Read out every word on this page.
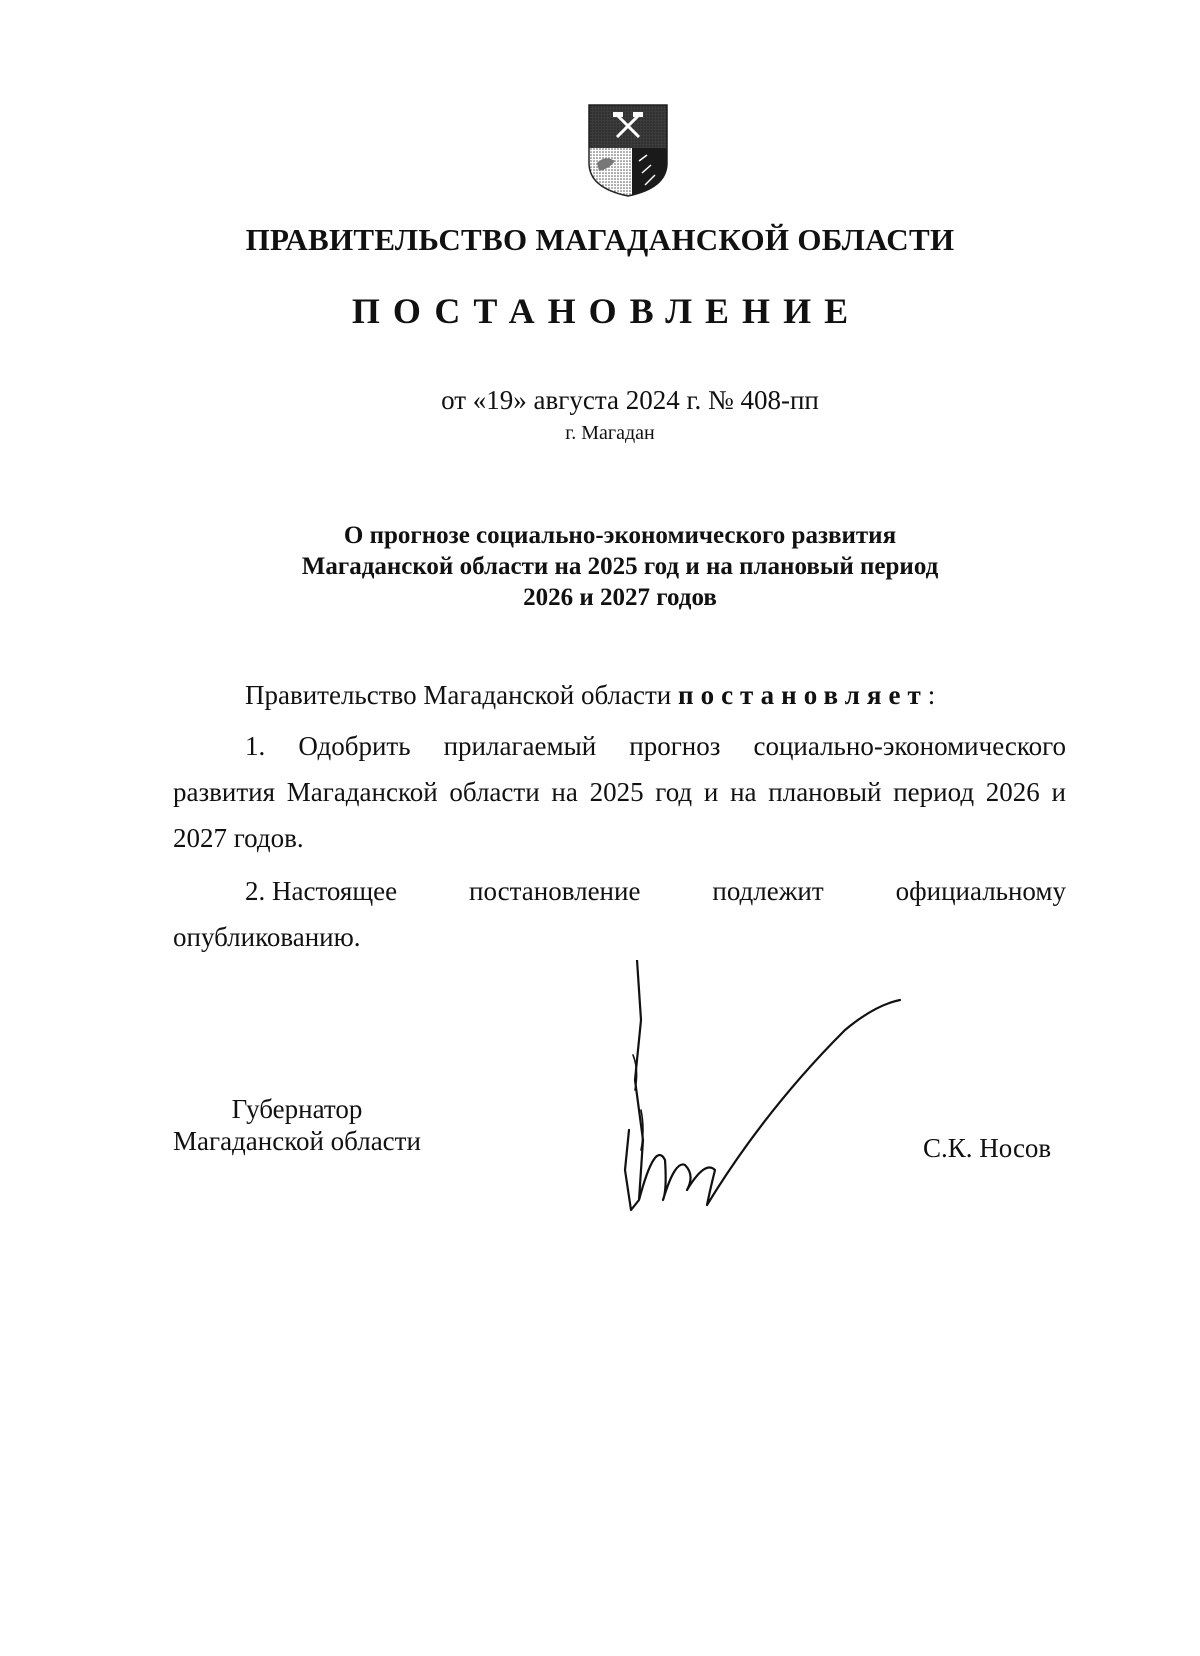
ПРАВИТЕЛЬСТВО МАГАДАНСКОЙ ОБЛАСТИ
ПОСТАНОВЛЕНИЕ
от «19» августа 2024 г. № 408-пп
г. Магадан
О прогнозе социально-экономического развития
Магаданской области на 2025 год и на плановый период
2026 и 2027 годов
Правительство Магаданской области постановляет:
1. Одобрить прилагаемый прогноз социально-экономического развития Магаданской области на 2025 год и на плановый период 2026 и 2027 годов.
2. Настоящее	постановление	подлежит	официальному
опубликованию.
Губернатор
Магаданской области	С.К. Носов
